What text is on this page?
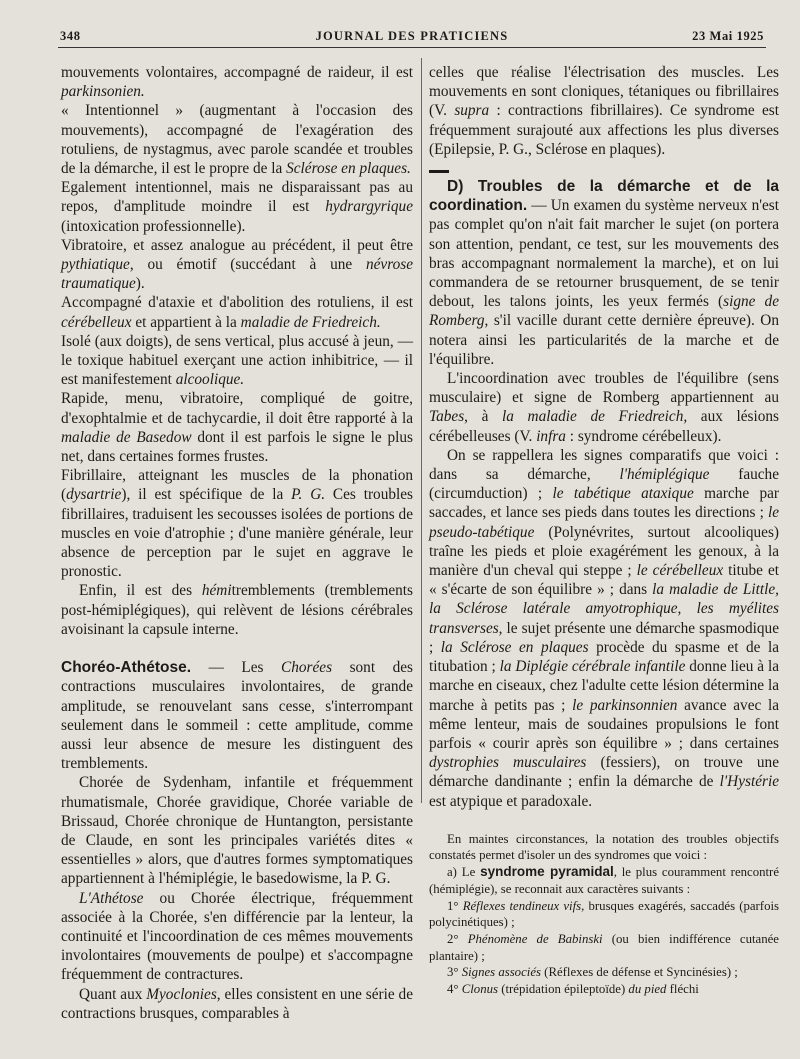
348	JOURNAL DES PRATICIENS	23 Mai 1925

mouvements volontaires, accompagné de raideur, il est parkinsonien.

« Intentionnel » (augmentant à l'occasion des mouvements), accompagné de l'exagération des rotuliens, de nystagmus, avec parole scandée et troubles de la démarche, il est le propre de la Sclérose en plaques.

Egalement intentionnel, mais ne disparaissant pas au repos, d'amplitude moindre il est hydrargyrique (intoxication professionnelle).

Vibratoire, et assez analogue au précédent, il peut être pythiatique, ou émotif (succédant à une névrose traumatique).

Accompagné d'ataxie et d'abolition des rotuliens, il est cérébelleux et appartient à la maladie de Friedreich.

Isolé (aux doigts), de sens vertical, plus accusé à jeun, — le toxique habituel exerçant une action inhibitrice, — il est manifestement alcoolique.

Rapide, menu, vibratoire, compliqué de goitre, d'exophtalmie et de tachycardie, il doit être rapporté à la maladie de Basedow dont il est parfois le signe le plus net, dans certaines formes frustes.

Fibrillaire, atteignant les muscles de la phonation (dysartrie), il est spécifique de la P. G. Ces troubles fibrillaires, traduisent les secousses isolées de portions de muscles en voie d'atrophie ; d'une manière générale, leur absence de perception par le sujet en aggrave le pronostic.

Enfin, il est des hémitremblements (tremblements post-hémiplégiques), qui relèvent de lésions cérébrales avoisinant la capsule interne.

Choréo-Athétose. — Les Chorées sont des contractions musculaires involontaires, de grande amplitude, se renouvelant sans cesse, s'interrompant seulement dans le sommeil : cette amplitude, comme aussi leur absence de mesure les distinguent des tremblements.

Chorée de Sydenham, infantile et fréquemment rhumatismale, Chorée gravidique, Chorée variable de Brissaud, Chorée chronique de Huntangton, persistante de Claude, en sont les principales variétés dites « essentielles » alors, que d'autres formes symptomatiques appartiennent à l'hémiplégie, le basedowisme, la P. G.

L'Athétose ou Chorée électrique, fréquemment associée à la Chorée, s'en différencie par la lenteur, la continuité et l'incoordination de ces mêmes mouvements involontaires (mouvements de poulpe) et s'accompagne fréquemment de contractures.

Quant aux Myoclonies, elles consistent en une série de contractions brusques, comparables à

celles que réalise l'électrisation des muscles. Les mouvements en sont cloniques, tétaniques ou fibrillaires (V. supra : contractions fibrillaires). Ce syndrome est fréquemment surajouté aux affections les plus diverses (Epilepsie, P. G., Sclérose en plaques).

▬▬

D) Troubles de la démarche et de la coordination. — Un examen du système nerveux n'est pas complet qu'on n'ait fait marcher le sujet (on portera son attention, pendant, ce test, sur les mouvements des bras accompagnant normalement la marche), et on lui commandera de se retourner brusquement, de se tenir debout, les talons joints, les yeux fermés (signe de Romberg, s'il vacille durant cette dernière épreuve). On notera ainsi les particularités de la marche et de l'équilibre.

L'incoordination avec troubles de l'équilibre (sens musculaire) et signe de Romberg appartiennent au Tabes, à la maladie de Friedreich, aux lésions cérébelleuses (V. infra : syndrome cérébelleux).

On se rappellera les signes comparatifs que voici : dans sa démarche, l'hémiplégique fauche (circumduction) ; le tabétique ataxique marche par saccades, et lance ses pieds dans toutes les directions ; le pseudo-tabétique (Polynévrites, surtout alcooliques) traîne les pieds et ploie exagérément les genoux, à la manière d'un cheval qui steppe ; le cérébelleux titube et « s'écarte de son équilibre » ; dans la maladie de Little, la Sclérose latérale amyotrophique, les myélites transverses, le sujet présente une démarche spasmodique ; la Sclérose en plaques procède du spasme et de la titubation ; la Diplégie cérébrale infantile donne lieu à la marche en ciseaux, chez l'adulte cette lésion détermine la marche à petits pas ; le parkinsonnien avance avec la même lenteur, mais de soudaines propulsions le font parfois « courir après son équilibre » ; dans certaines dystrophies musculaires (fessiers), on trouve une démarche dandinante ; enfin la démarche de l'Hystérie est atypique et paradoxale.

En maintes circonstances, la notation des troubles objectifs constatés permet d'isoler un des syndromes que voici :

a) Le syndrome pyramidal, le plus couramment rencontré (hémiplégie), se reconnait aux caractères suivants :

1° Réflexes tendineux vifs, brusques exagérés, saccadés (parfois polycinétiques) ;

2° Phénomène de Babinski (ou bien indifférence cutanée plantaire) ;

3° Signes associés (Réflexes de défense et Syncinésies) ;

4° Clonus (trépidation épileptoïde) du pied fléchi
